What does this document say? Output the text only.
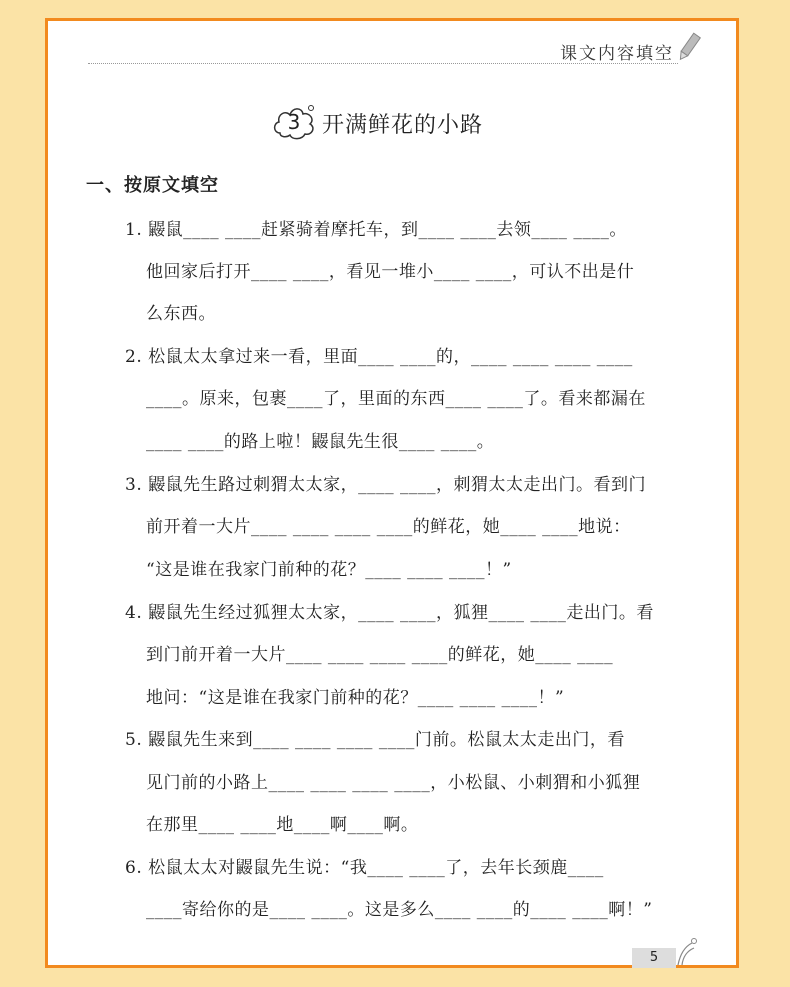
课文内容填空
3 开满鲜花的小路
一、按原文填空
1. 鼹鼠____ ____赶紧骑着摩托车，到____ ____去领____ ____。
他回家后打开____ ____，看见一堆小____ ____，可认不出是什
么东西。
2. 松鼠太太拿过来一看，里面____ ____的，____ ____ ____ ____
____。原来，包裹____了，里面的东西____ ____了。看来都漏在
____ ____的路上啦！鼹鼠先生很____ ____。
3. 鼹鼠先生路过刺猬太太家，____ ____，刺猬太太走出门。看到门
前开着一大片____ ____ ____ ____的鲜花，她____ ____地说：
“这是谁在我家门前种的花？____ ____ ____！”
4. 鼹鼠先生经过狐狸太太家，____ ____，狐狸____ ____走出门。看
到门前开着一大片____ ____ ____ ____的鲜花，她____ ____
地问：“这是谁在我家门前种的花？____ ____ ____！”
5. 鼹鼠先生来到____ ____ ____ ____门前。松鼠太太走出门，看
见门前的小路上____ ____ ____ ____，小松鼠、小刺猬和小狐狸
在那里____ ____地____啊____啊。
6. 松鼠太太对鼹鼠先生说：“我____ ____了，去年长颈鹿____
____寄给你的是____ ____。这是多么____ ____的____ ____啊！”
5
